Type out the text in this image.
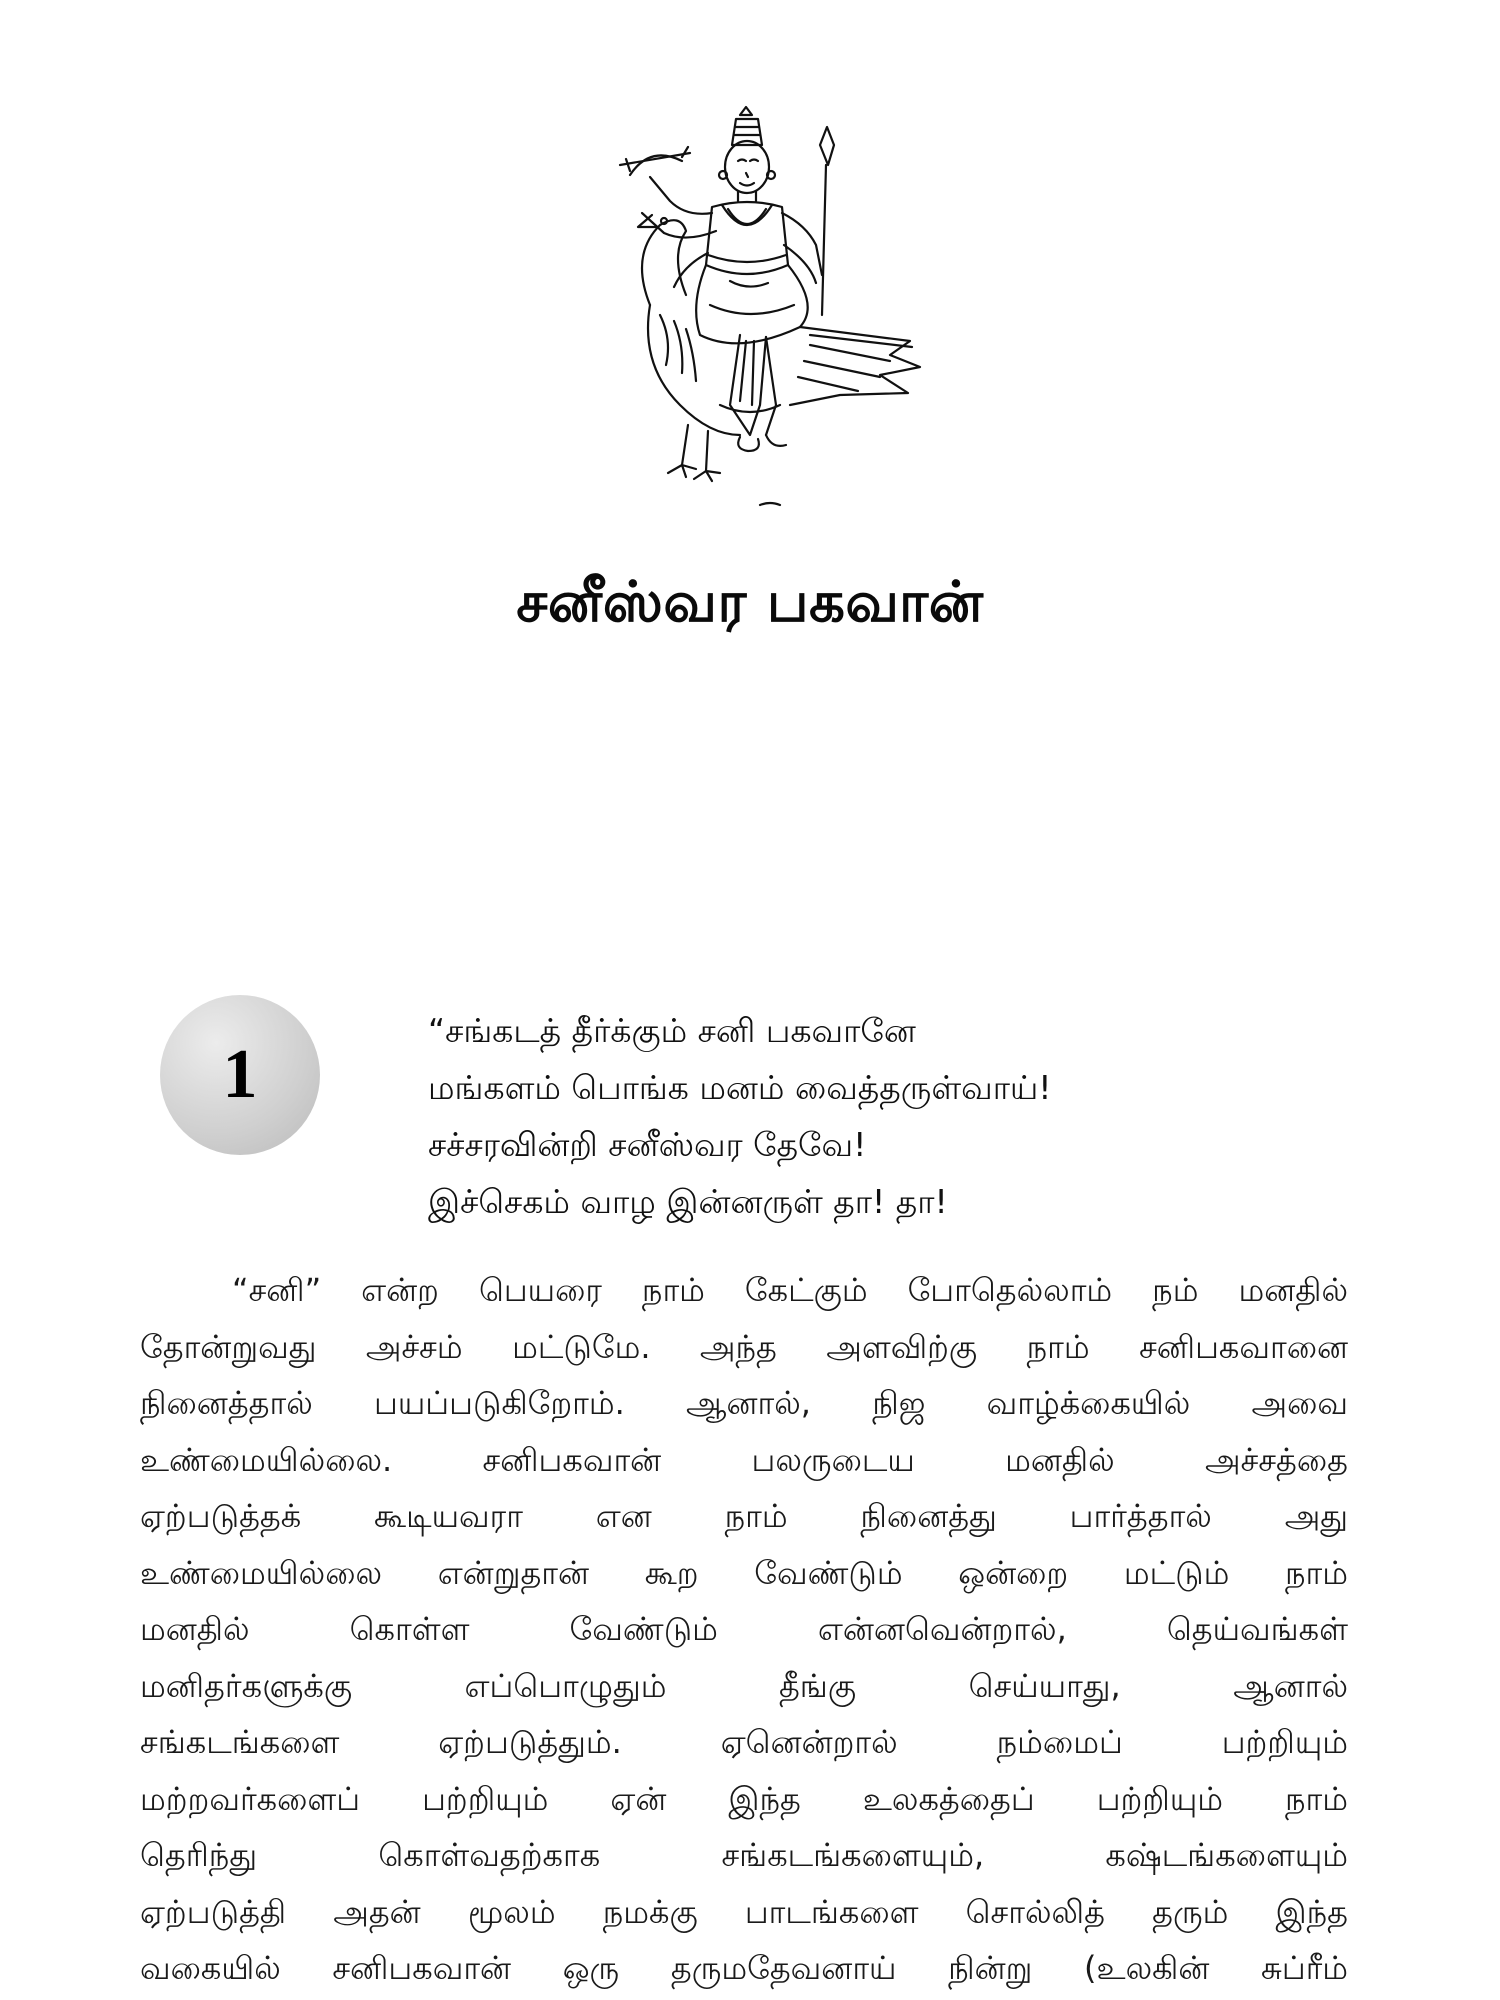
சனீஸ்வர பகவான்
1
“சங்கடத் தீர்க்கும் சனி பகவானே
மங்களம் பொங்க மனம் வைத்தருள்வாய்!
சச்சரவின்றி சனீஸ்வர தேவே!
இச்செகம் வாழ இன்னருள் தா! தா!
“சனி” என்ற பெயரை நாம் கேட்கும் போதெல்லாம் நம் மனதில்
தோன்றுவது அச்சம் மட்டுமே. அந்த அளவிற்கு நாம் சனிபகவானை
நினைத்தால் பயப்படுகிறோம். ஆனால், நிஜ வாழ்க்கையில் அவை
உண்மையில்லை. சனிபகவான் பலருடைய மனதில் அச்சத்தை
ஏற்படுத்தக் கூடியவரா என நாம் நினைத்து பார்த்தால் அது
உண்மையில்லை என்றுதான் கூற வேண்டும் ஒன்றை மட்டும் நாம்
மனதில் கொள்ள வேண்டும் என்னவென்றால், தெய்வங்கள்
மனிதர்களுக்கு எப்பொழுதும் தீங்கு செய்யாது, ஆனால்
சங்கடங்களை ஏற்படுத்தும். ஏனென்றால் நம்மைப் பற்றியும்
மற்றவர்களைப் பற்றியும் ஏன் இந்த உலகத்தைப் பற்றியும் நாம்
தெரிந்து கொள்வதற்காக சங்கடங்களையும், கஷ்டங்களையும்
ஏற்படுத்தி அதன் மூலம் நமக்கு பாடங்களை சொல்லித் தரும் இந்த
வகையில் சனிபகவான் ஒரு தருமதேவனாய் நின்று (உலகின் சுப்ரீம்
